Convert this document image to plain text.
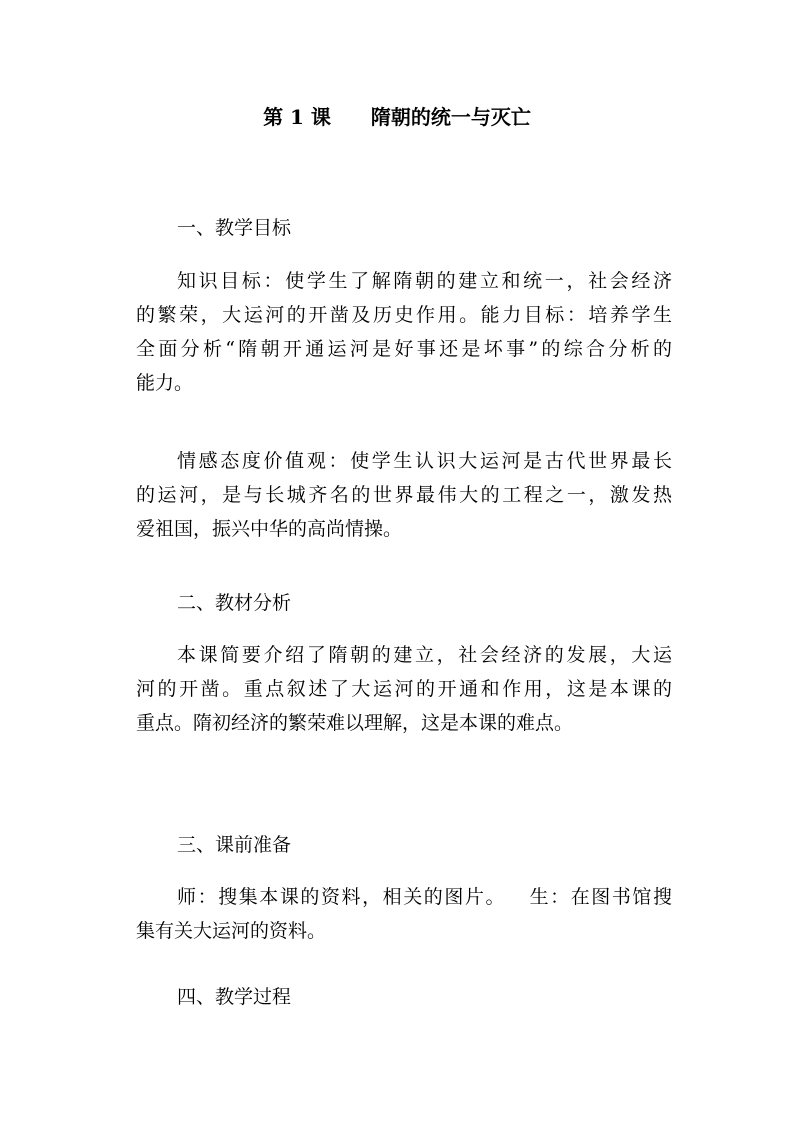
第 1 课 隋朝的统一与灭亡
一、教学目标
知识目标：使学生了解隋朝的建立和统一，社会经济
的繁荣，大运河的开凿及历史作用。能力目标：培养学生
全面分析“隋朝开通运河是好事还是坏事”的综合分析的
能力。
情感态度价值观：使学生认识大运河是古代世界最长
的运河，是与长城齐名的世界最伟大的工程之一，激发热
爱祖国，振兴中华的高尚情操。
二、教材分析
本课简要介绍了隋朝的建立，社会经济的发展，大运
河的开凿。重点叙述了大运河的开通和作用，这是本课的
重点。隋初经济的繁荣难以理解，这是本课的难点。
三、课前准备
师：搜集本课的资料，相关的图片。 生：在图书馆搜
集有关大运河的资料。
四、教学过程
